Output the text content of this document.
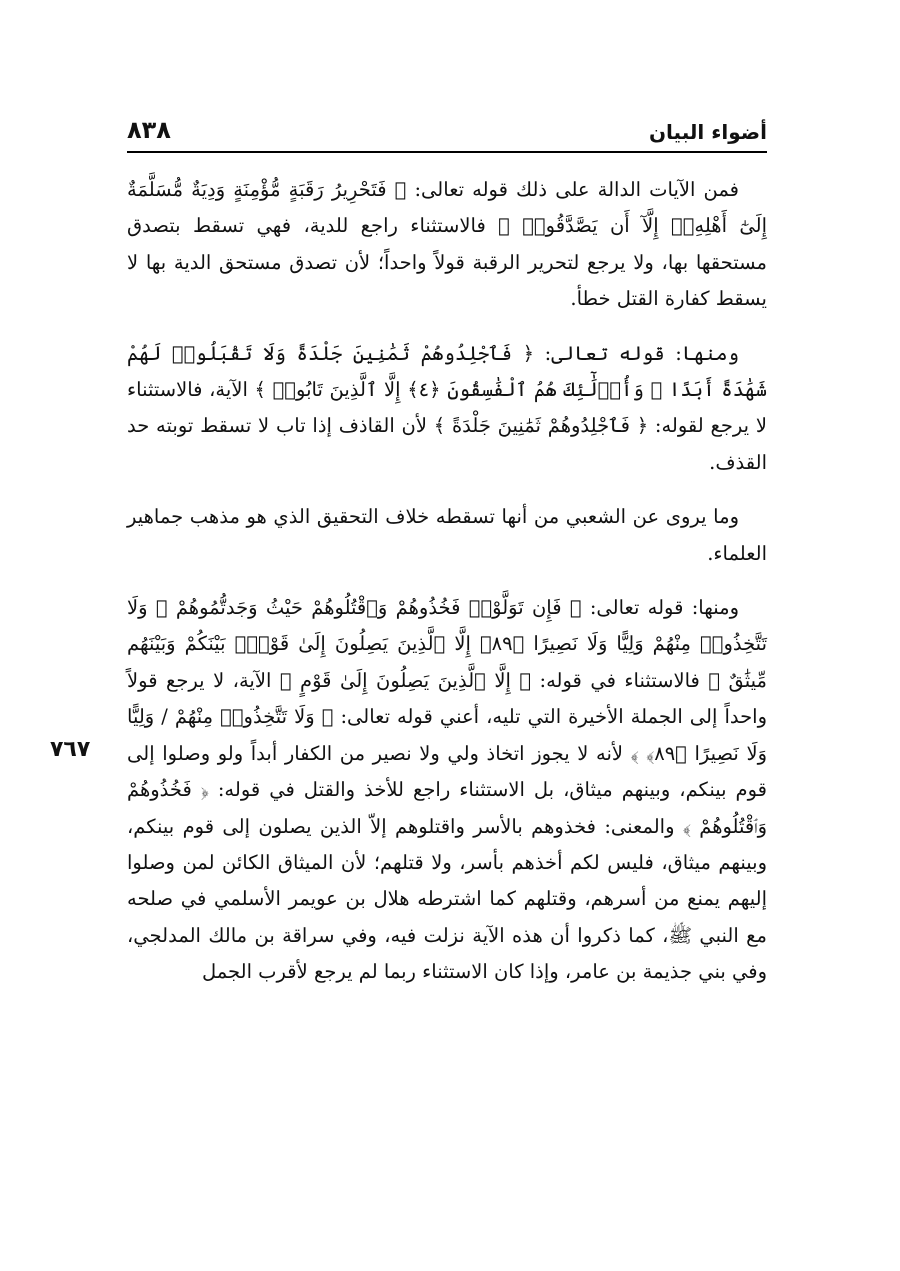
أضواء البيان
٨٣٨
٧٦٧

فمن الآيات الدالة على ذلك قوله تعالى: ﴿ فَتَحْرِيرُ رَقَبَةٍ مُّؤْمِنَةٍ وَدِيَةٌ مُّسَلَّمَةٌ إِلَىٰٓ أَهْلِهِۦٓ إِلَّآ أَن يَصَّدَّقُوا۟ ﴾ فالاستثناء راجع للدية، فهي تسقط بتصدق مستحقها بها، ولا يرجع لتحرير الرقبة قولاً واحداً؛ لأن تصدق مستحق الدية بها لا يسقط كفارة القتل خطأ.

ومنها: قوله تعالى: ﴿ فَٱجْلِدُوهُمْ ثَمَٰنِينَ جَلْدَةً وَلَا تَقْبَلُوا۟ لَهُمْ شَهَٰدَةً أَبَدًا ۚ وَأُو۟لَٰٓئِكَ هُمُ ٱلْفَٰسِقُونَ ﴿٤﴾ إِلَّا ٱلَّذِينَ تَابُوا۟ ﴾ الآية، فالاستثناء لا يرجع لقوله: ﴿ فَٱجْلِدُوهُمْ ثَمَٰنِينَ جَلْدَةً ﴾ لأن القاذف إذا تاب لا تسقط توبته حد القذف.

وما يروى عن الشعبي من أنها تسقطه خلاف التحقيق الذي هو مذهب جماهير العلماء.

ومنها: قوله تعالى: ﴿ فَإِن تَوَلَّوْا۟ فَخُذُوهُمْ وَٱقْتُلُوهُمْ حَيْثُ وَجَدتُّمُوهُمْ ۖ وَلَا تَتَّخِذُوا۟ مِنْهُمْ وَلِيًّا وَلَا نَصِيرًا ﴿٨٩﴾ إِلَّا ٱلَّذِينَ يَصِلُونَ إِلَىٰ قَوْمٍۭ بَيْنَكُمْ وَبَيْنَهُم مِّيثَٰقٌ ﴾ فالاستثناء في قوله: ﴿ إِلَّا ٱلَّذِينَ يَصِلُونَ إِلَىٰ قَوْمٍ ﴾ الآية، لا يرجع قولاً واحداً إلى الجملة الأخيرة التي تليه، أعني قوله تعالى: ﴿ وَلَا تَتَّخِذُوا۟ مِنْهُمْ / وَلِيًّا وَلَا نَصِيرًا ﴿٨٩﴾ ﴾ لأنه لا يجوز اتخاذ ولي ولا نصير من الكفار أبداً ولو وصلوا إلى قوم بينكم، وبينهم ميثاق، بل الاستثناء راجع للأخذ والقتل في قوله: ﴿ فَخُذُوهُمْ وَٱقْتُلُوهُمْ ﴾ والمعنى: فخذوهم بالأسر واقتلوهم إلاّ الذين يصلون إلى قوم بينكم، وبينهم ميثاق، فليس لكم أخذهم بأسر، ولا قتلهم؛ لأن الميثاق الكائن لمن وصلوا إليهم يمنع من أسرهم، وقتلهم كما اشترطه هلال بن عويمر الأسلمي في صلحه مع النبي ﷺ، كما ذكروا أن هذه الآية نزلت فيه، وفي سراقة بن مالك المدلجي، وفي بني جذيمة بن عامر، وإذا كان الاستثناء ربما لم يرجع لأقرب الجمل
